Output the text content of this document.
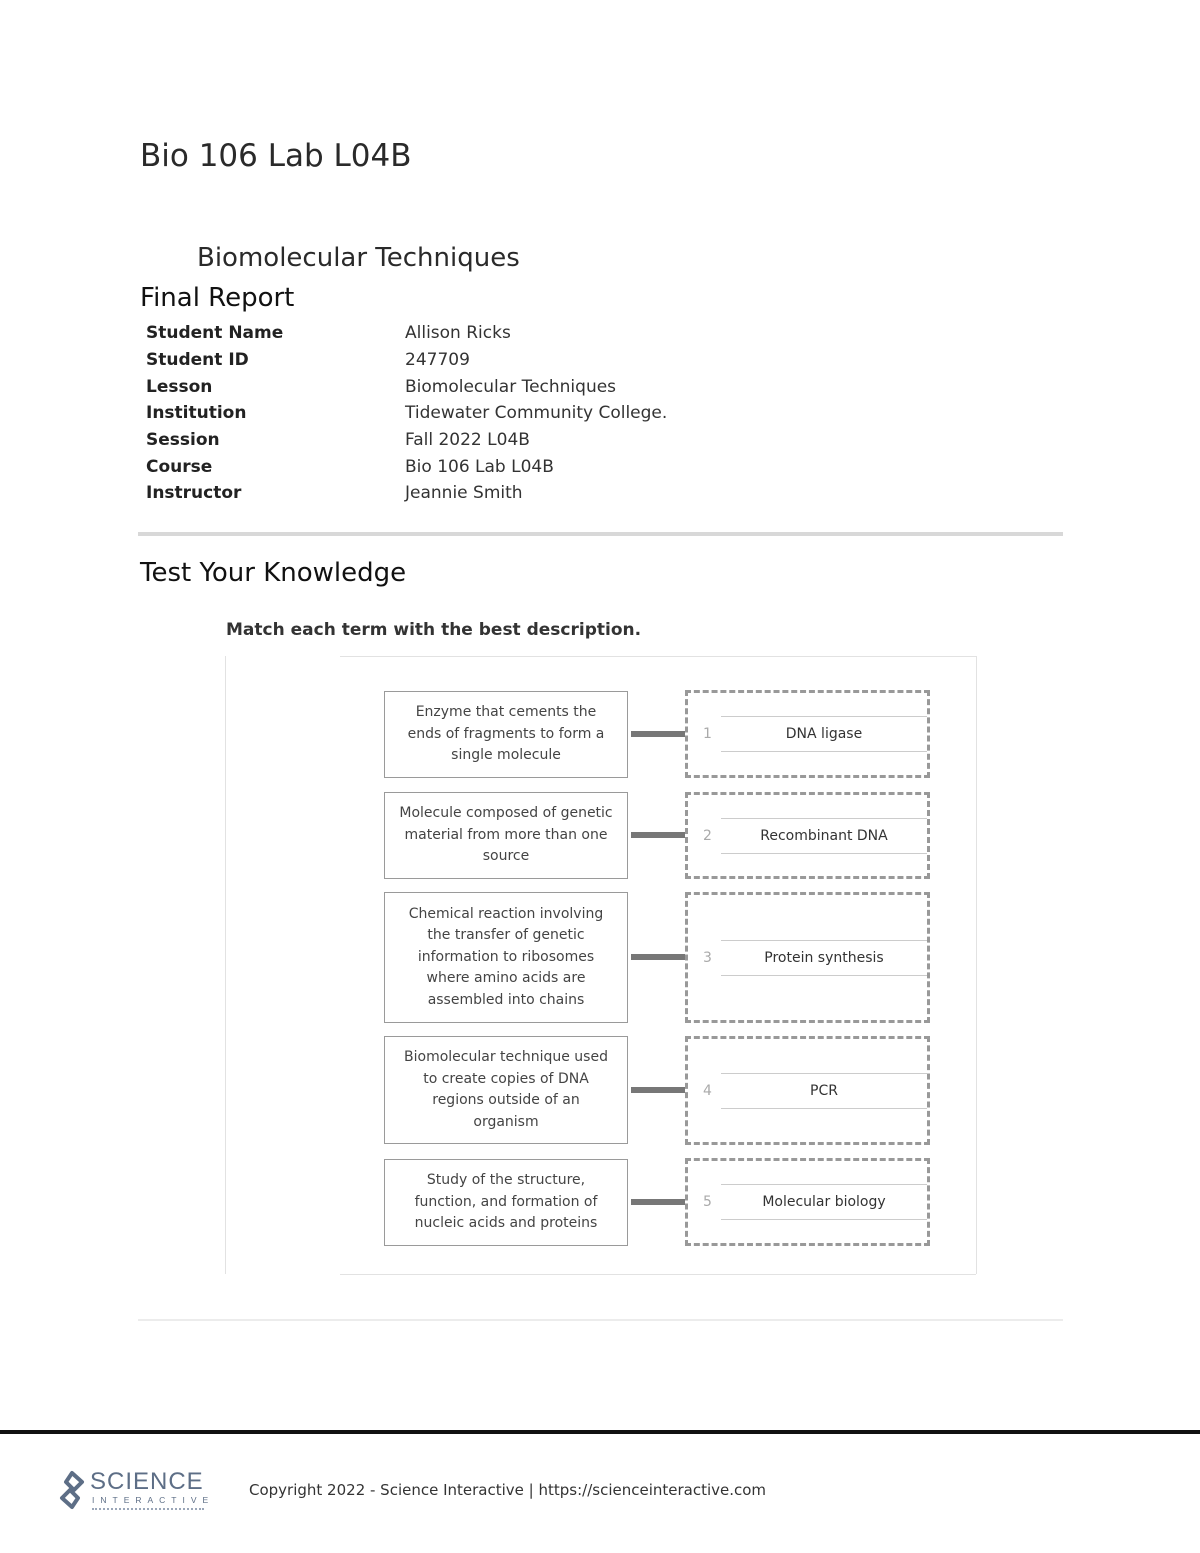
Bio 106 Lab L04B
Biomolecular Techniques
Final Report
Student Name	Allison Ricks
Student ID	247709
Lesson	Biomolecular Techniques
Institution	Tidewater Community College.
Session	Fall 2022 L04B
Course	Bio 106 Lab L04B
Instructor	Jeannie Smith
Test Your Knowledge
Match each term with the best description.
Enzyme that cements the ends of fragments to form a single molecule
1	DNA ligase
Molecule composed of genetic material from more than one source
2	Recombinant DNA
Chemical reaction involving the transfer of genetic information to ribosomes where amino acids are assembled into chains
3	Protein synthesis
Biomolecular technique used to create copies of DNA regions outside of an organism
4	PCR
Study of the structure, function, and formation of nucleic acids and proteins
5	Molecular biology
SCIENCE
INTERACTIVE
Copyright 2022 - Science Interactive | https://scienceinteractive.com
